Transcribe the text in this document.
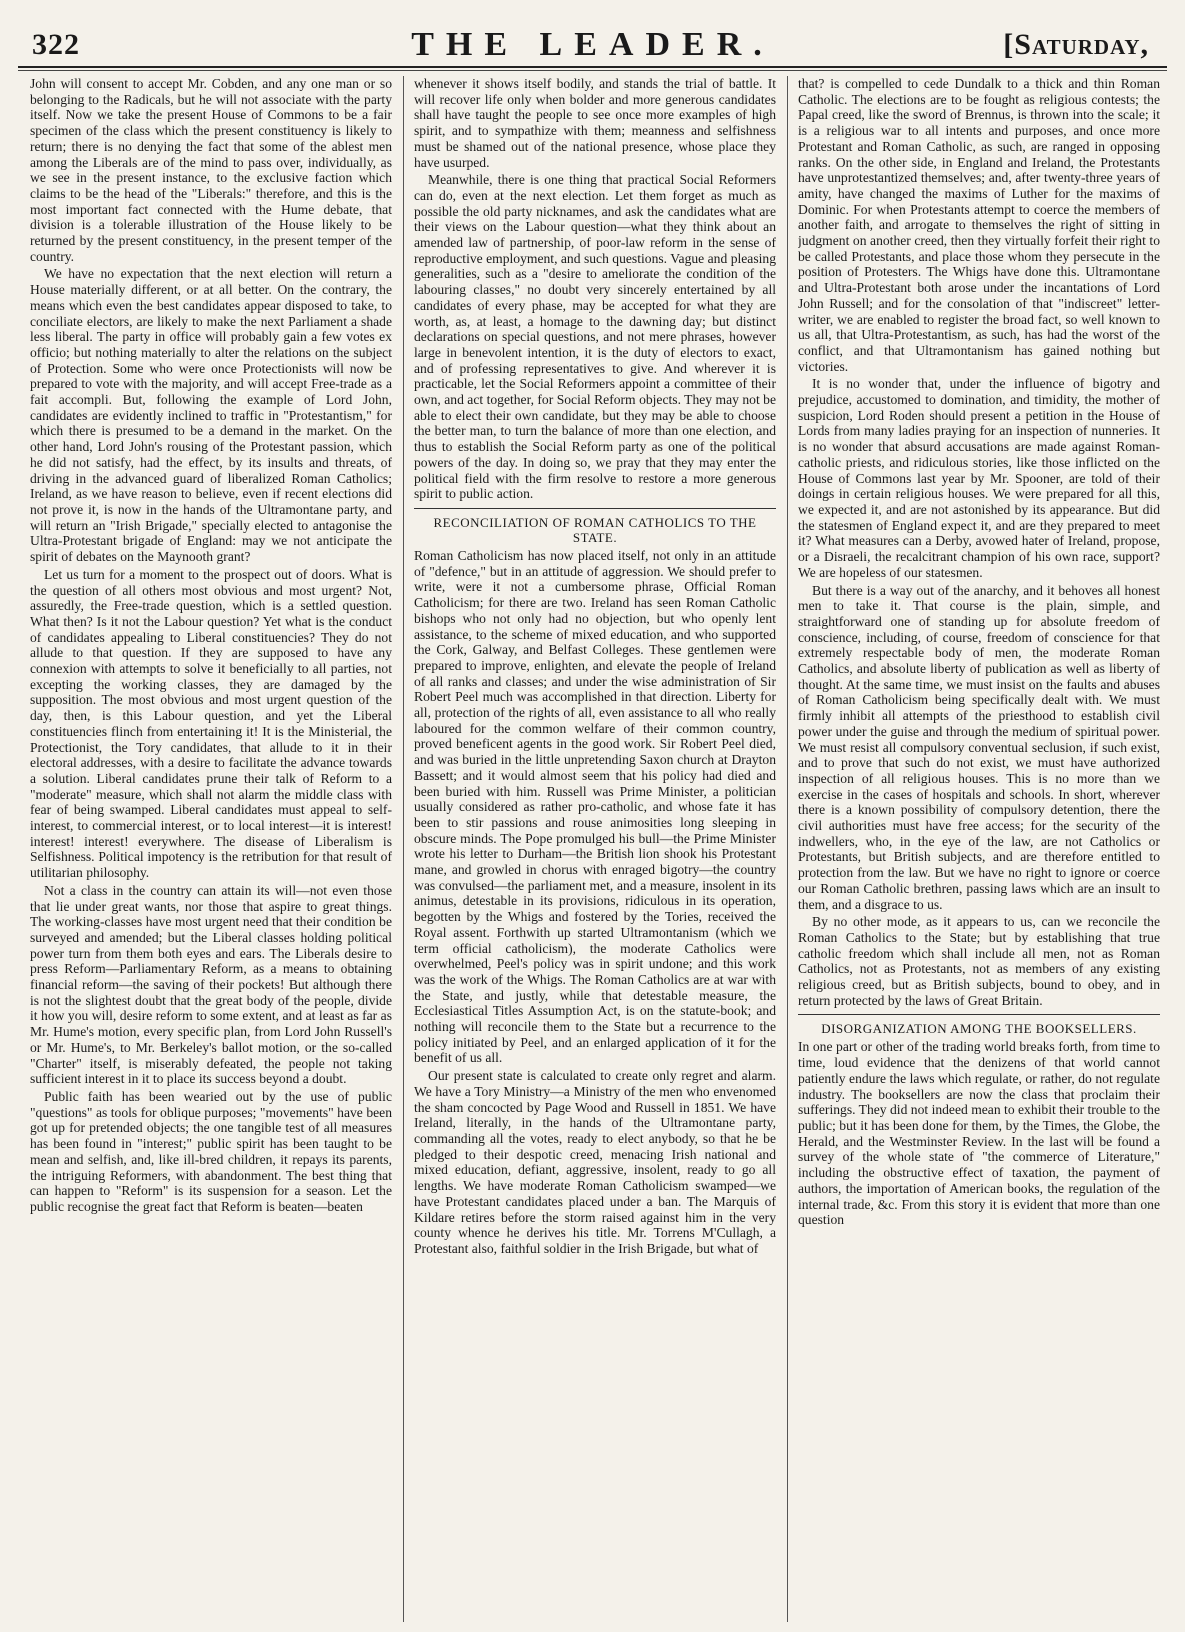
322	THE LEADER.	[Saturday,

John will consent to accept Mr. Cobden, and any one man or so belonging to the Radicals, but he will not associate with the party itself. Now we take the present House of Commons to be a fair specimen of the class which the present constituency is likely to return; there is no denying the fact that some of the ablest men among the Liberals are of the mind to pass over, individually, as we see in the present instance, to the exclusive faction which claims to be the head of the "Liberals:" therefore, and this is the most important fact connected with the Hume debate, that division is a tolerable illustration of the House likely to be returned by the present constituency, in the present temper of the country.

We have no expectation that the next election will return a House materially different, or at all better. On the contrary, the means which even the best candidates appear disposed to take, to conciliate electors, are likely to make the next Parliament a shade less liberal. The party in office will probably gain a few votes ex officio; but nothing materially to alter the relations on the subject of Protection. Some who were once Protectionists will now be prepared to vote with the majority, and will accept Free-trade as a fait accompli. But, following the example of Lord John, candidates are evidently inclined to traffic in "Protestantism," for which there is presumed to be a demand in the market. On the other hand, Lord John's rousing of the Protestant passion, which he did not satisfy, had the effect, by its insults and threats, of driving in the advanced guard of liberalized Roman Catholics; Ireland, as we have reason to believe, even if recent elections did not prove it, is now in the hands of the Ultramontane party, and will return an "Irish Brigade," specially elected to antagonise the Ultra-Protestant brigade of England: may we not anticipate the spirit of debates on the Maynooth grant?

Let us turn for a moment to the prospect out of doors. What is the question of all others most obvious and most urgent? Not, assuredly, the Free-trade question, which is a settled question. What then? Is it not the Labour question? Yet what is the conduct of candidates appealing to Liberal constituencies? They do not allude to that question. If they are supposed to have any connexion with attempts to solve it beneficially to all parties, not excepting the working classes, they are damaged by the supposition. The most obvious and most urgent question of the day, then, is this Labour question, and yet the Liberal constituencies flinch from entertaining it! It is the Ministerial, the Protectionist, the Tory candidates, that allude to it in their electoral addresses, with a desire to facilitate the advance towards a solution. Liberal candidates prune their talk of Reform to a "moderate" measure, which shall not alarm the middle class with fear of being swamped. Liberal candidates must appeal to self-interest, to commercial interest, or to local interest—it is interest! interest! interest! everywhere. The disease of Liberalism is Selfishness. Political impotency is the retribution for that result of utilitarian philosophy.

Not a class in the country can attain its will—not even those that lie under great wants, nor those that aspire to great things. The working-classes have most urgent need that their condition be surveyed and amended; but the Liberal classes holding political power turn from them both eyes and ears. The Liberals desire to press Reform—Parliamentary Reform, as a means to obtaining financial reform—the saving of their pockets! But although there is not the slightest doubt that the great body of the people, divide it how you will, desire reform to some extent, and at least as far as Mr. Hume's motion, every specific plan, from Lord John Russell's or Mr. Hume's, to Mr. Berkeley's ballot motion, or the so-called "Charter" itself, is miserably defeated, the people not taking sufficient interest in it to place its success beyond a doubt.

Public faith has been wearied out by the use of public "questions" as tools for oblique purposes; "movements" have been got up for pretended objects; the one tangible test of all measures has been found in "interest;" public spirit has been taught to be mean and selfish, and, like ill-bred children, it repays its parents, the intriguing Reformers, with abandonment. The best thing that can happen to "Reform" is its suspension for a season. Let the public recognise the great fact that Reform is beaten—beaten

whenever it shows itself bodily, and stands the trial of battle. It will recover life only when bolder and more generous candidates shall have taught the people to see once more examples of high spirit, and to sympathize with them; meanness and selfishness must be shamed out of the national presence, whose place they have usurped.

Meanwhile, there is one thing that practical Social Reformers can do, even at the next election. Let them forget as much as possible the old party nicknames, and ask the candidates what are their views on the Labour question—what they think about an amended law of partnership, of poor-law reform in the sense of reproductive employment, and such questions. Vague and pleasing generalities, such as a "desire to ameliorate the condition of the labouring classes," no doubt very sincerely entertained by all candidates of every phase, may be accepted for what they are worth, as, at least, a homage to the dawning day; but distinct declarations on special questions, and not mere phrases, however large in benevolent intention, it is the duty of electors to exact, and of professing representatives to give. And wherever it is practicable, let the Social Reformers appoint a committee of their own, and act together, for Social Reform objects. They may not be able to elect their own candidate, but they may be able to choose the better man, to turn the balance of more than one election, and thus to establish the Social Reform party as one of the political powers of the day. In doing so, we pray that they may enter the political field with the firm resolve to restore a more generous spirit to public action.

RECONCILIATION OF ROMAN CATHOLICS TO THE STATE.

Roman Catholicism has now placed itself, not only in an attitude of "defence," but in an attitude of aggression. We should prefer to write, were it not a cumbersome phrase, Official Roman Catholicism; for there are two. Ireland has seen Roman Catholic bishops who not only had no objection, but who openly lent assistance, to the scheme of mixed education, and who supported the Cork, Galway, and Belfast Colleges. These gentlemen were prepared to improve, enlighten, and elevate the people of Ireland of all ranks and classes; and under the wise administration of Sir Robert Peel much was accomplished in that direction. Liberty for all, protection of the rights of all, even assistance to all who really laboured for the common welfare of their common country, proved beneficent agents in the good work. Sir Robert Peel died, and was buried in the little unpretending Saxon church at Drayton Bassett; and it would almost seem that his policy had died and been buried with him. Russell was Prime Minister, a politician usually considered as rather pro-catholic, and whose fate it has been to stir passions and rouse animosities long sleeping in obscure minds. The Pope promulged his bull—the Prime Minister wrote his letter to Durham—the British lion shook his Protestant mane, and growled in chorus with enraged bigotry—the country was convulsed—the parliament met, and a measure, insolent in its animus, detestable in its provisions, ridiculous in its operation, begotten by the Whigs and fostered by the Tories, received the Royal assent. Forthwith up started Ultramontanism (which we term official catholicism), the moderate Catholics were overwhelmed, Peel's policy was in spirit undone; and this work was the work of the Whigs. The Roman Catholics are at war with the State, and justly, while that detestable measure, the Ecclesiastical Titles Assumption Act, is on the statute-book; and nothing will reconcile them to the State but a recurrence to the policy initiated by Peel, and an enlarged application of it for the benefit of us all.

Our present state is calculated to create only regret and alarm. We have a Tory Ministry—a Ministry of the men who envenomed the sham concocted by Page Wood and Russell in 1851. We have Ireland, literally, in the hands of the Ultramontane party, commanding all the votes, ready to elect anybody, so that he be pledged to their despotic creed, menacing Irish national and mixed education, defiant, aggressive, insolent, ready to go all lengths. We have moderate Roman Catholicism swamped—we have Protestant candidates placed under a ban. The Marquis of Kildare retires before the storm raised against him in the very county whence he derives his title. Mr. Torrens M'Cullagh, a Protestant also, faithful soldier in the Irish Brigade, but what of

that? is compelled to cede Dundalk to a thick and thin Roman Catholic. The elections are to be fought as religious contests; the Papal creed, like the sword of Brennus, is thrown into the scale; it is a religious war to all intents and purposes, and once more Protestant and Roman Catholic, as such, are ranged in opposing ranks. On the other side, in England and Ireland, the Protestants have unprotestantized themselves; and, after twenty-three years of amity, have changed the maxims of Luther for the maxims of Dominic. For when Protestants attempt to coerce the members of another faith, and arrogate to themselves the right of sitting in judgment on another creed, then they virtually forfeit their right to be called Protestants, and place those whom they persecute in the position of Protesters. The Whigs have done this. Ultramontane and Ultra-Protestant both arose under the incantations of Lord John Russell; and for the consolation of that "indiscreet" letter-writer, we are enabled to register the broad fact, so well known to us all, that Ultra-Protestantism, as such, has had the worst of the conflict, and that Ultramontanism has gained nothing but victories.

It is no wonder that, under the influence of bigotry and prejudice, accustomed to domination, and timidity, the mother of suspicion, Lord Roden should present a petition in the House of Lords from many ladies praying for an inspection of nunneries. It is no wonder that absurd accusations are made against Roman-catholic priests, and ridiculous stories, like those inflicted on the House of Commons last year by Mr. Spooner, are told of their doings in certain religious houses. We were prepared for all this, we expected it, and are not astonished by its appearance. But did the statesmen of England expect it, and are they prepared to meet it? What measures can a Derby, avowed hater of Ireland, propose, or a Disraeli, the recalcitrant champion of his own race, support? We are hopeless of our statesmen.

But there is a way out of the anarchy, and it behoves all honest men to take it. That course is the plain, simple, and straightforward one of standing up for absolute freedom of conscience, including, of course, freedom of conscience for that extremely respectable body of men, the moderate Roman Catholics, and absolute liberty of publication as well as liberty of thought. At the same time, we must insist on the faults and abuses of Roman Catholicism being specifically dealt with. We must firmly inhibit all attempts of the priesthood to establish civil power under the guise and through the medium of spiritual power. We must resist all compulsory conventual seclusion, if such exist, and to prove that such do not exist, we must have authorized inspection of all religious houses. This is no more than we exercise in the cases of hospitals and schools. In short, wherever there is a known possibility of compulsory detention, there the civil authorities must have free access; for the security of the indwellers, who, in the eye of the law, are not Catholics or Protestants, but British subjects, and are therefore entitled to protection from the law. But we have no right to ignore or coerce our Roman Catholic brethren, passing laws which are an insult to them, and a disgrace to us.

By no other mode, as it appears to us, can we reconcile the Roman Catholics to the State; but by establishing that true catholic freedom which shall include all men, not as Roman Catholics, not as Protestants, not as members of any existing religious creed, but as British subjects, bound to obey, and in return protected by the laws of Great Britain.

DISORGANIZATION AMONG THE BOOKSELLERS.

In one part or other of the trading world breaks forth, from time to time, loud evidence that the denizens of that world cannot patiently endure the laws which regulate, or rather, do not regulate industry. The booksellers are now the class that proclaim their sufferings. They did not indeed mean to exhibit their trouble to the public; but it has been done for them, by the Times, the Globe, the Herald, and the Westminster Review. In the last will be found a survey of the whole state of "the commerce of Literature," including the obstructive effect of taxation, the payment of authors, the importation of American books, the regulation of the internal trade, &c. From this story it is evident that more than one question
